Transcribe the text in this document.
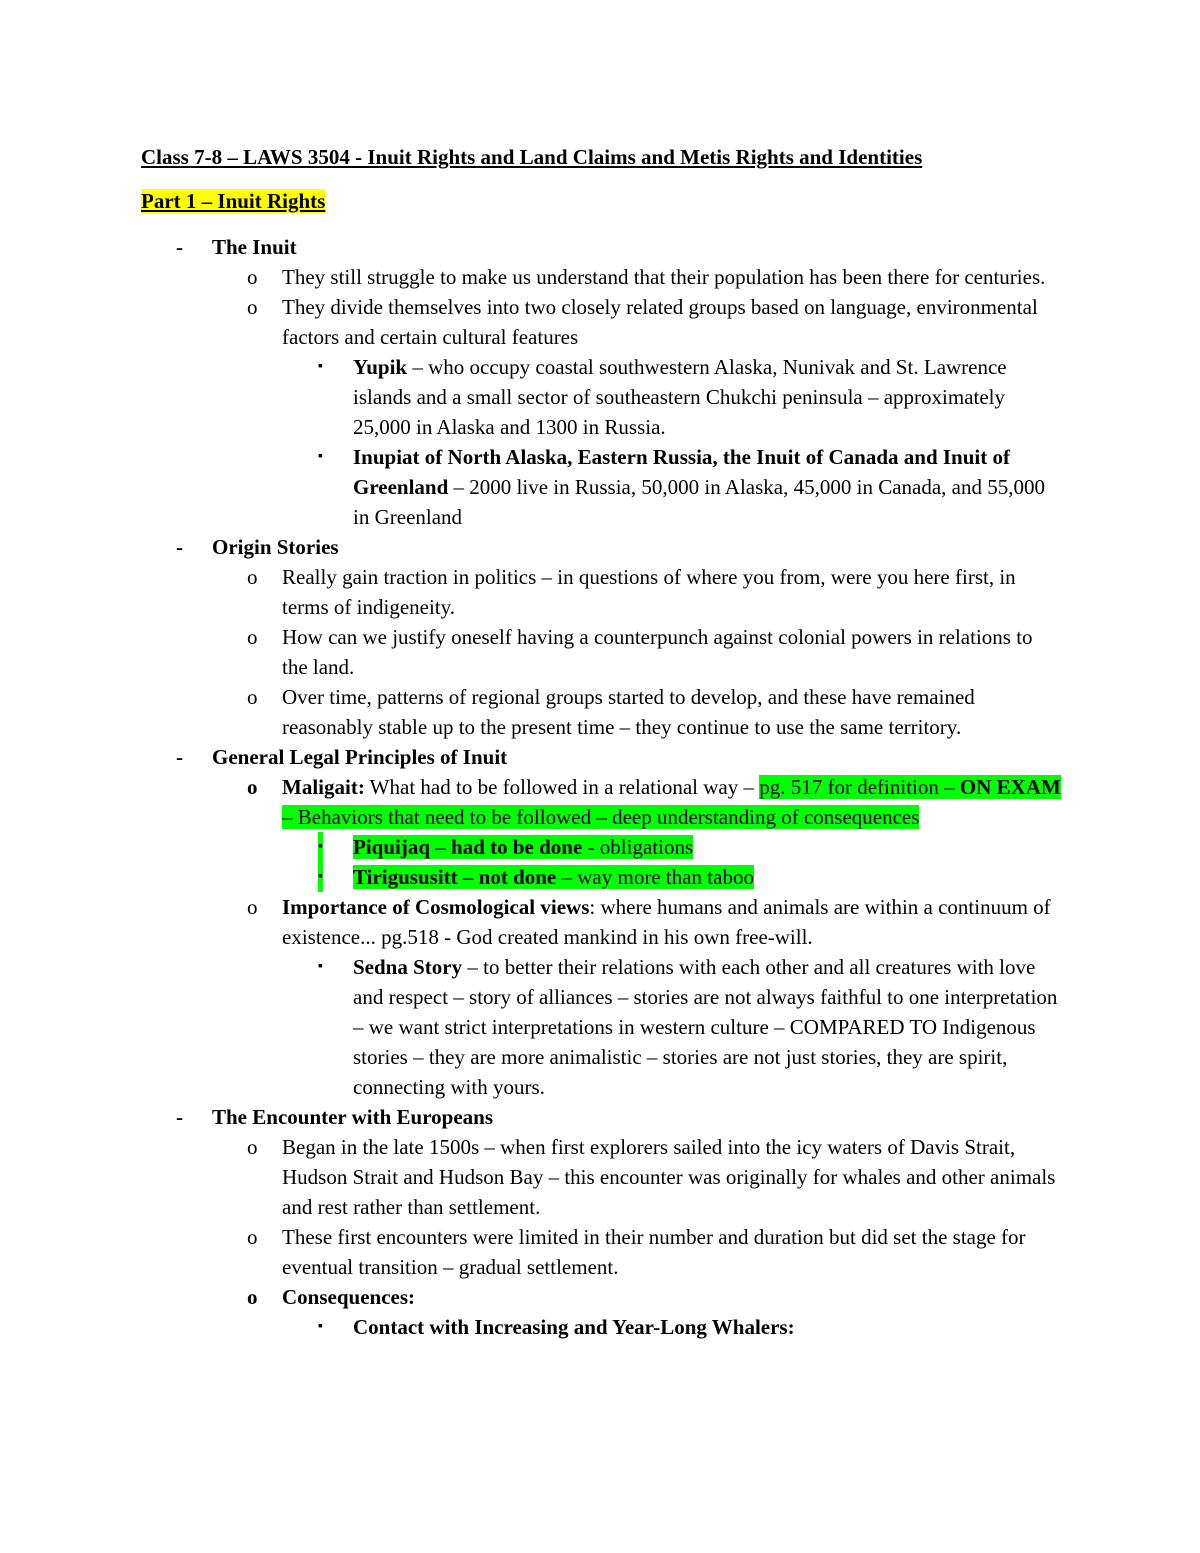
Class 7-8 – LAWS 3504 - Inuit Rights and Land Claims and Metis Rights and Identities
Part 1 – Inuit Rights
- The Inuit
o They still struggle to make us understand that their population has been there for centuries.
o They divide themselves into two closely related groups based on language, environmental factors and certain cultural features
▪ Yupik – who occupy coastal southwestern Alaska, Nunivak and St. Lawrence islands and a small sector of southeastern Chukchi peninsula – approximately 25,000 in Alaska and 1300 in Russia.
▪ Inupiat of North Alaska, Eastern Russia, the Inuit of Canada and Inuit of Greenland – 2000 live in Russia, 50,000 in Alaska, 45,000 in Canada, and 55,000 in Greenland
- Origin Stories
o Really gain traction in politics – in questions of where you from, were you here first, in terms of indigeneity.
o How can we justify oneself having a counterpunch against colonial powers in relations to the land.
o Over time, patterns of regional groups started to develop, and these have remained reasonably stable up to the present time – they continue to use the same territory.
- General Legal Principles of Inuit
o Maligait: What had to be followed in a relational way – pg. 517 for definition – ON EXAM – Behaviors that need to be followed – deep understanding of consequences
▪ Piquijaq – had to be done - obligations
▪ Tirigususitt – not done – way more than taboo
o Importance of Cosmological views: where humans and animals are within a continuum of existence... pg.518 - God created mankind in his own free-will.
▪ Sedna Story – to better their relations with each other and all creatures with love and respect – story of alliances – stories are not always faithful to one interpretation – we want strict interpretations in western culture – COMPARED TO Indigenous stories – they are more animalistic – stories are not just stories, they are spirit, connecting with yours.
- The Encounter with Europeans
o Began in the late 1500s – when first explorers sailed into the icy waters of Davis Strait, Hudson Strait and Hudson Bay – this encounter was originally for whales and other animals and rest rather than settlement.
o These first encounters were limited in their number and duration but did set the stage for eventual transition – gradual settlement.
o Consequences:
▪ Contact with Increasing and Year-Long Whalers:
